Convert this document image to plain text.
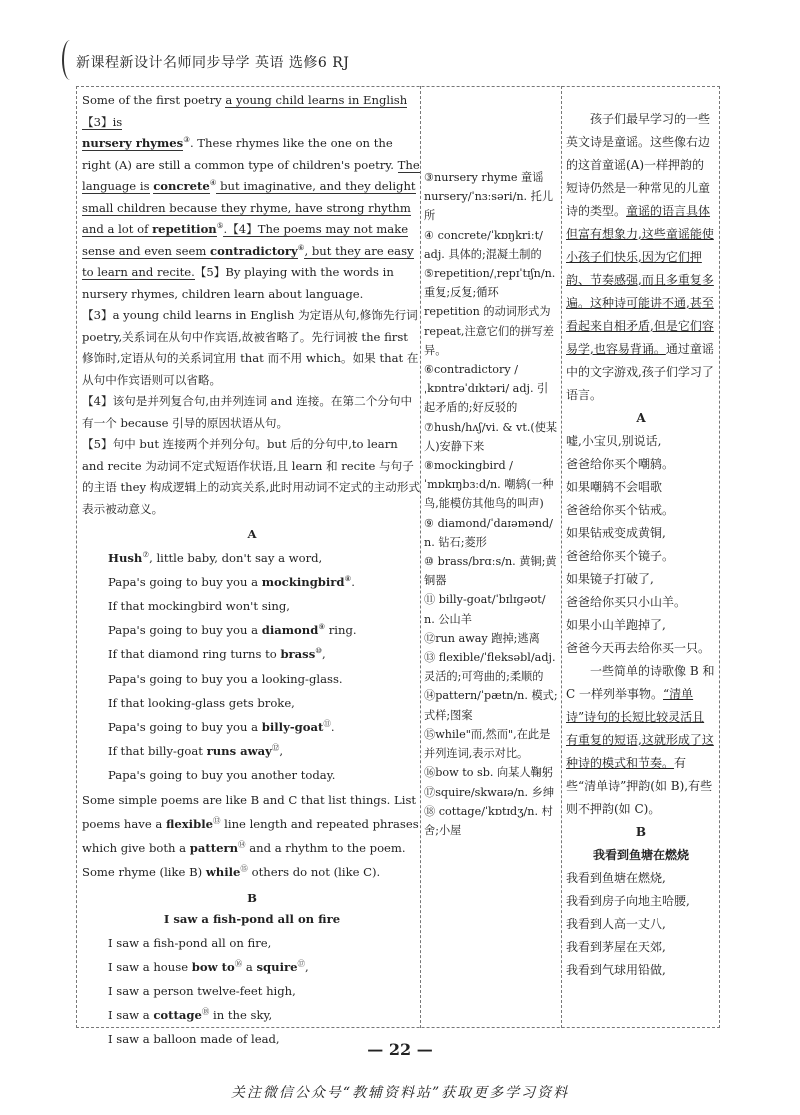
新课程新设计名师同步导学 英语 选修6 RJ

Some of the first poetry a young child learns in English【3】is
nursery rhymes③. These rhymes like the one on the right (A) are still a common type of children's poetry. The language is concrete④ but imaginative, and they delight small children because they rhyme, have strong rhythm and a lot of repetition⑤.【4】The poems may not make sense and even seem contradictory⑥, but they are easy to learn and recite.【5】By playing with the words in nursery rhymes, children learn about language.

【3】a young child learns in English 为定语从句,修饰先行词 poetry,关系词在从句中作宾语,故被省略了。先行词被 the first 修饰时,定语从句的关系词宜用 that 而不用 which。如果 that 在从句中作宾语则可以省略。

【4】该句是并列复合句,由并列连词 and 连接。在第二个分句中有一个 because 引导的原因状语从句。

【5】句中 but 连接两个并列分句。but 后的分句中,to learn and recite 为动词不定式短语作状语,且 learn 和 recite 与句子的主语 they 构成逻辑上的动宾关系,此时用动词不定式的主动形式表示被动意义。

A

Hush⑦, little baby, don't say a word,

Papa's going to buy you a mockingbird⑧.

If that mockingbird won't sing,

Papa's going to buy you a diamond⑨ ring.

If that diamond ring turns to brass⑩,

Papa's going to buy you a looking-glass.

If that looking-glass gets broke,

Papa's going to buy you a billy-goat⑪.

If that billy-goat runs away⑫,

Papa's going to buy you another today.

Some simple poems are like B and C that list things. List poems have a flexible⑬ line length and repeated phrases which give both a pattern⑭ and a rhythm to the poem. Some rhyme (like B) while⑮ others do not (like C).

B

I saw a fish-pond all on fire

I saw a fish-pond all on fire,

I saw a house bow to⑯ a squire⑰,

I saw a person twelve-feet high,

I saw a cottage⑱ in the sky,

I saw a balloon made of lead,

③nursery rhyme 童谣

nursery/ˈnɜːsəri/n. 托儿所

④ concrete/ˈkɒŋkriːt/ adj. 具体的;混凝土制的

⑤repetition/ˌrepɪˈtɪʃn/n. 重复;反复;循环

repetition 的动词形式为 repeat,注意它们的拼写差异。

⑥contradictory /ˌkɒntrəˈdɪktəri/ adj. 引起矛盾的;好反驳的

⑦hush/hʌʃ/vi. & vt.(使某人)安静下来

⑧mockingbird /ˈmɒkɪŋbɜːd/n. 嘲鸫(一种鸟,能模仿其他鸟的叫声)

⑨ diamond/ˈdaɪəmənd/ n. 钻石;菱形

⑩ brass/brɑːs/n. 黄铜;黄铜器

⑪ billy-goat/ˈbɪlɪɡəʊt/ n. 公山羊

⑫run away 跑掉;逃离

⑬ flexible/ˈfleksəbl/adj. 灵活的;可弯曲的;柔顺的

⑭pattern/ˈpætn/n. 模式;式样;图案

⑮while"而,然而",在此是并列连词,表示对比。

⑯bow to sb. 向某人鞠躬

⑰squire/skwaɪə/n. 乡绅

⑱ cottage/ˈkɒtɪdʒ/n. 村舍;小屋

孩子们最早学习的一些英文诗是童谣。这些像右边的这首童谣(A)一样押韵的短诗仍然是一种常见的儿童诗的类型。童谣的语言具体但富有想象力,这些童谣能使小孩子们快乐,因为它们押韵、节奏感强,而且多重复多遍。这种诗可能讲不通,甚至看起来自相矛盾,但是它们容易学,也容易背诵。通过童谣中的文字游戏,孩子们学习了语言。

A

嘘,小宝贝,别说话,

爸爸给你买个嘲鸫。

如果嘲鸫不会唱歌

爸爸给你买个钻戒。

如果钻戒变成黄铜,

爸爸给你买个镜子。

如果镜子打破了,

爸爸给你买只小山羊。

如果小山羊跑掉了,

爸爸今天再去给你买一只。

一些简单的诗歌像 B 和 C 一样列举事物。“清单诗”诗句的长短比较灵活且有重复的短语,这就形成了这种诗的模式和节奏。有些“清单诗”押韵(如 B),有些则不押韵(如 C)。

B

我看到鱼塘在燃烧

我看到鱼塘在燃烧,

我看到房子向地主哈腰,

我看到人高一丈八,

我看到茅屋在天郊,

我看到气球用铅做,

— 22 —
关注微信公众号“教辅资料站”获取更多学习资料
